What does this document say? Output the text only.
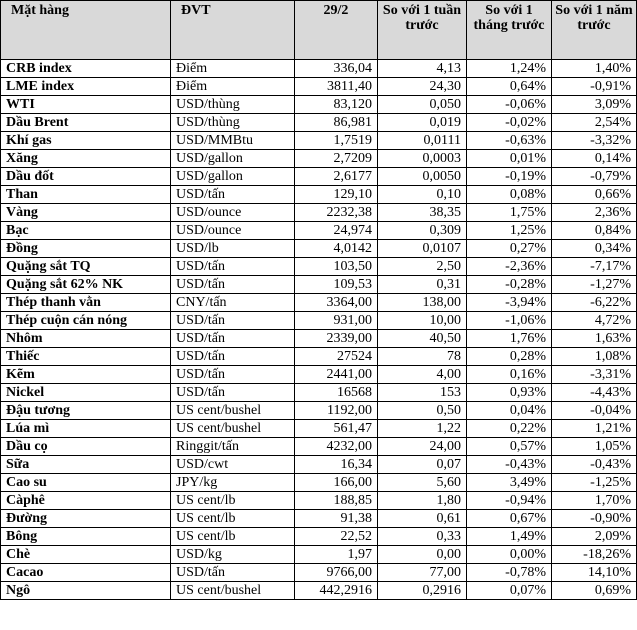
Mặt hàng	ĐVT	29/2	So với 1 tuần trước	So với 1 tháng trước	So với 1 năm trước
CRB index	Điểm	336,04	4,13	1,24%	1,40%
LME index	Điểm	3811,40	24,30	0,64%	-0,91%
WTI	USD/thùng	83,120	0,050	-0,06%	3,09%
Dầu Brent	USD/thùng	86,981	0,019	-0,02%	2,54%
Khí gas	USD/MMBtu	1,7519	0,0111	-0,63%	-3,32%
Xăng	USD/gallon	2,7209	0,0003	0,01%	0,14%
Dầu đốt	USD/gallon	2,6177	0,0050	-0,19%	-0,79%
Than	USD/tấn	129,10	0,10	0,08%	0,66%
Vàng	USD/ounce	2232,38	38,35	1,75%	2,36%
Bạc	USD/ounce	24,974	0,309	1,25%	0,84%
Đồng	USD/lb	4,0142	0,0107	0,27%	0,34%
Quặng sắt TQ	USD/tấn	103,50	2,50	-2,36%	-7,17%
Quặng sắt 62% NK	USD/tấn	109,53	0,31	-0,28%	-1,27%
Thép thanh vằn	CNY/tấn	3364,00	138,00	-3,94%	-6,22%
Thép cuộn cán nóng	USD/tấn	931,00	10,00	-1,06%	4,72%
Nhôm	USD/tấn	2339,00	40,50	1,76%	1,63%
Thiếc	USD/tấn	27524	78	0,28%	1,08%
Kẽm	USD/tấn	2441,00	4,00	0,16%	-3,31%
Nickel	USD/tấn	16568	153	0,93%	-4,43%
Đậu tương	US cent/bushel	1192,00	0,50	0,04%	-0,04%
Lúa mì	US cent/bushel	561,47	1,22	0,22%	1,21%
Dầu cọ	Ringgit/tấn	4232,00	24,00	0,57%	1,05%
Sữa	USD/cwt	16,34	0,07	-0,43%	-0,43%
Cao su	JPY/kg	166,00	5,60	3,49%	-1,25%
Càphê	US cent/lb	188,85	1,80	-0,94%	1,70%
Đường	US cent/lb	91,38	0,61	0,67%	-0,90%
Bông	US cent/lb	22,52	0,33	1,49%	2,09%
Chè	USD/kg	1,97	0,00	0,00%	-18,26%
Cacao	USD/tấn	9766,00	77,00	-0,78%	14,10%
Ngô	US cent/bushel	442,2916	0,2916	0,07%	0,69%
